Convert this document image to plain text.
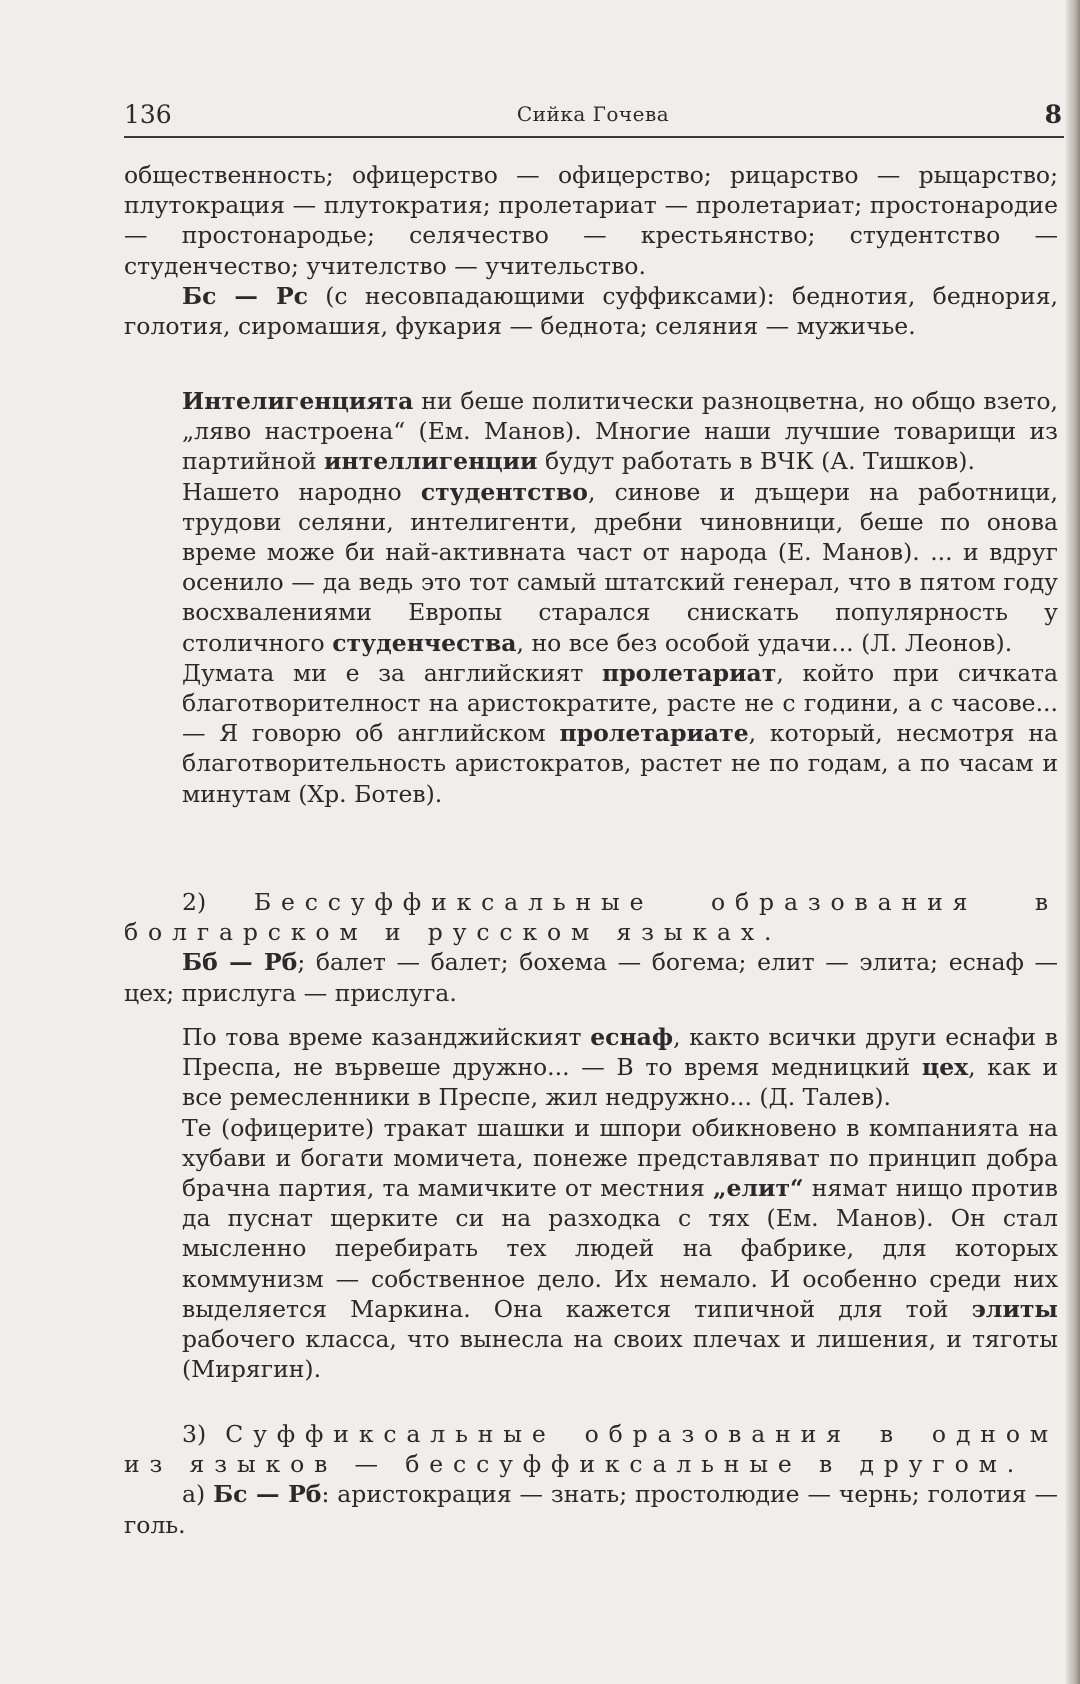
136	Сийка Гочева	8

общественность; офицерство — офицерство; рицарство — рыцарство; плутокрация — плутократия; пролетариат — пролетариат; простонародие — простонародье; селячество — крестьянство; студентство — студенчество; учителство — учительство.

Бс — Рс (с несовпадающими суффиксами): беднотия, беднория, голотия, сиромашия, фукария — беднота; селяния — мужичье.

Интелигенцията ни беше политически разноцветна, но общо взето, „ляво настроена“ (Ем. Манов). Многие наши лучшие товарищи из партийной интеллигенции будут работать в ВЧК (А. Тишков).

Нашето народно студентство, синове и дъщери на работници, трудови селяни, интелигенти, дребни чиновници, беше по онова време може би най-активната част от народа (Е. Манов). ... и вдруг осенило — да ведь это тот самый штатский генерал, что в пятом году восхвалениями Европы старался снискать популярность у столичного студенчества, но все без особой удачи... (Л. Леонов).

Думата ми е за английският пролетариат, който при сичката благотворителност на аристократите, расте не с години, а с часове... — Я говорю об английском пролетариате, который, несмотря на благотворительность аристократов, растет не по годам, а по часам и минутам (Хр. Ботев).

2) Бессуффиксальные образования в болгарском и русском языках.

Бб — Рб; балет — балет; бохема — богема; елит — элита; еснаф — цех; прислуга — прислуга.

По това време казанджийският еснаф, както всички други еснафи в Преспа, не вървеше дружно... — В то время медницкий цех, как и все ремесленники в Преспе, жил недружно... (Д. Талев).

Те (офицерите) тракат шашки и шпори обикновено в компанията на хубави и богати момичета, понеже представляват по принцип добра брачна партия, та мамичките от местния „елит“ нямат нищо против да пуснат щерките си на разходка с тях (Ем. Манов). Он стал мысленно перебирать тех людей на фабрике, для которых коммунизм — собственное дело. Их немало. И особенно среди них выделяется Маркина. Она кажется типичной для той элиты рабочего класса, что вынесла на своих плечах и лишения, и тяготы (Мирягин).

3) Суффиксальные образования в одном из языков — бессуффиксальные в другом.

а) Бс — Рб: аристокрация — знать; простолюдие — чернь; голотия — голь.
